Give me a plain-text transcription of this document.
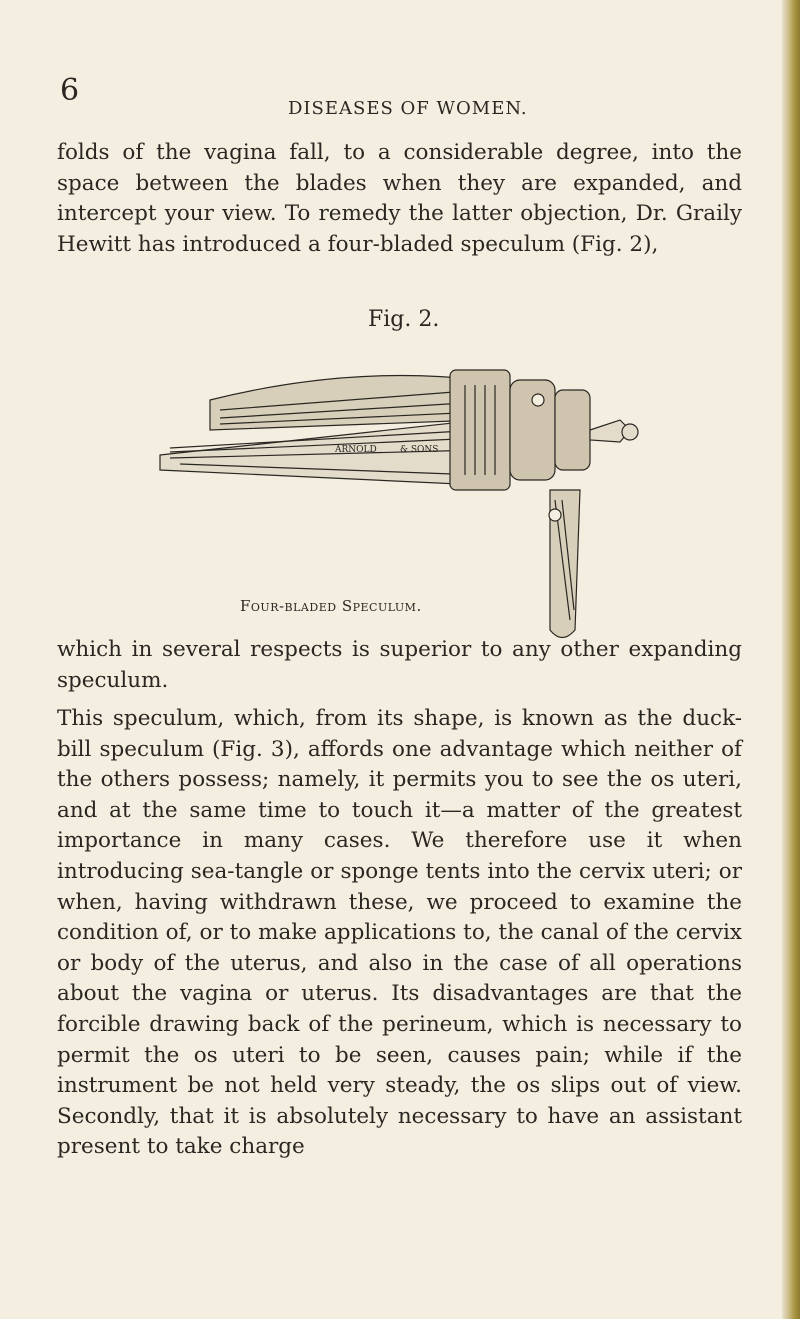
6
DISEASES OF WOMEN.

folds of the vagina fall, to a considerable degree, into the space between the blades when they are expanded, and intercept your view. To remedy the latter objection, Dr. Graily Hewitt has introduced a four-bladed speculum (Fig. 2),

Fig. 2.
ARNOLD	& SONS
Four-bladed Speculum.

which in several respects is superior to any other expanding speculum.

This speculum, which, from its shape, is known as the duck-bill speculum (Fig. 3), affords one advantage which neither of the others possess; namely, it permits you to see the os uteri, and at the same time to touch it—a matter of the greatest importance in many cases. We therefore use it when introducing sea-tangle or sponge tents into the cervix uteri; or when, having withdrawn these, we proceed to examine the condition of, or to make applications to, the canal of the cervix or body of the uterus, and also in the case of all operations about the vagina or uterus. Its disadvantages are that the forcible drawing back of the perineum, which is necessary to permit the os uteri to be seen, causes pain; while if the instrument be not held very steady, the os slips out of view. Secondly, that it is absolutely necessary to have an assistant present to take charge
